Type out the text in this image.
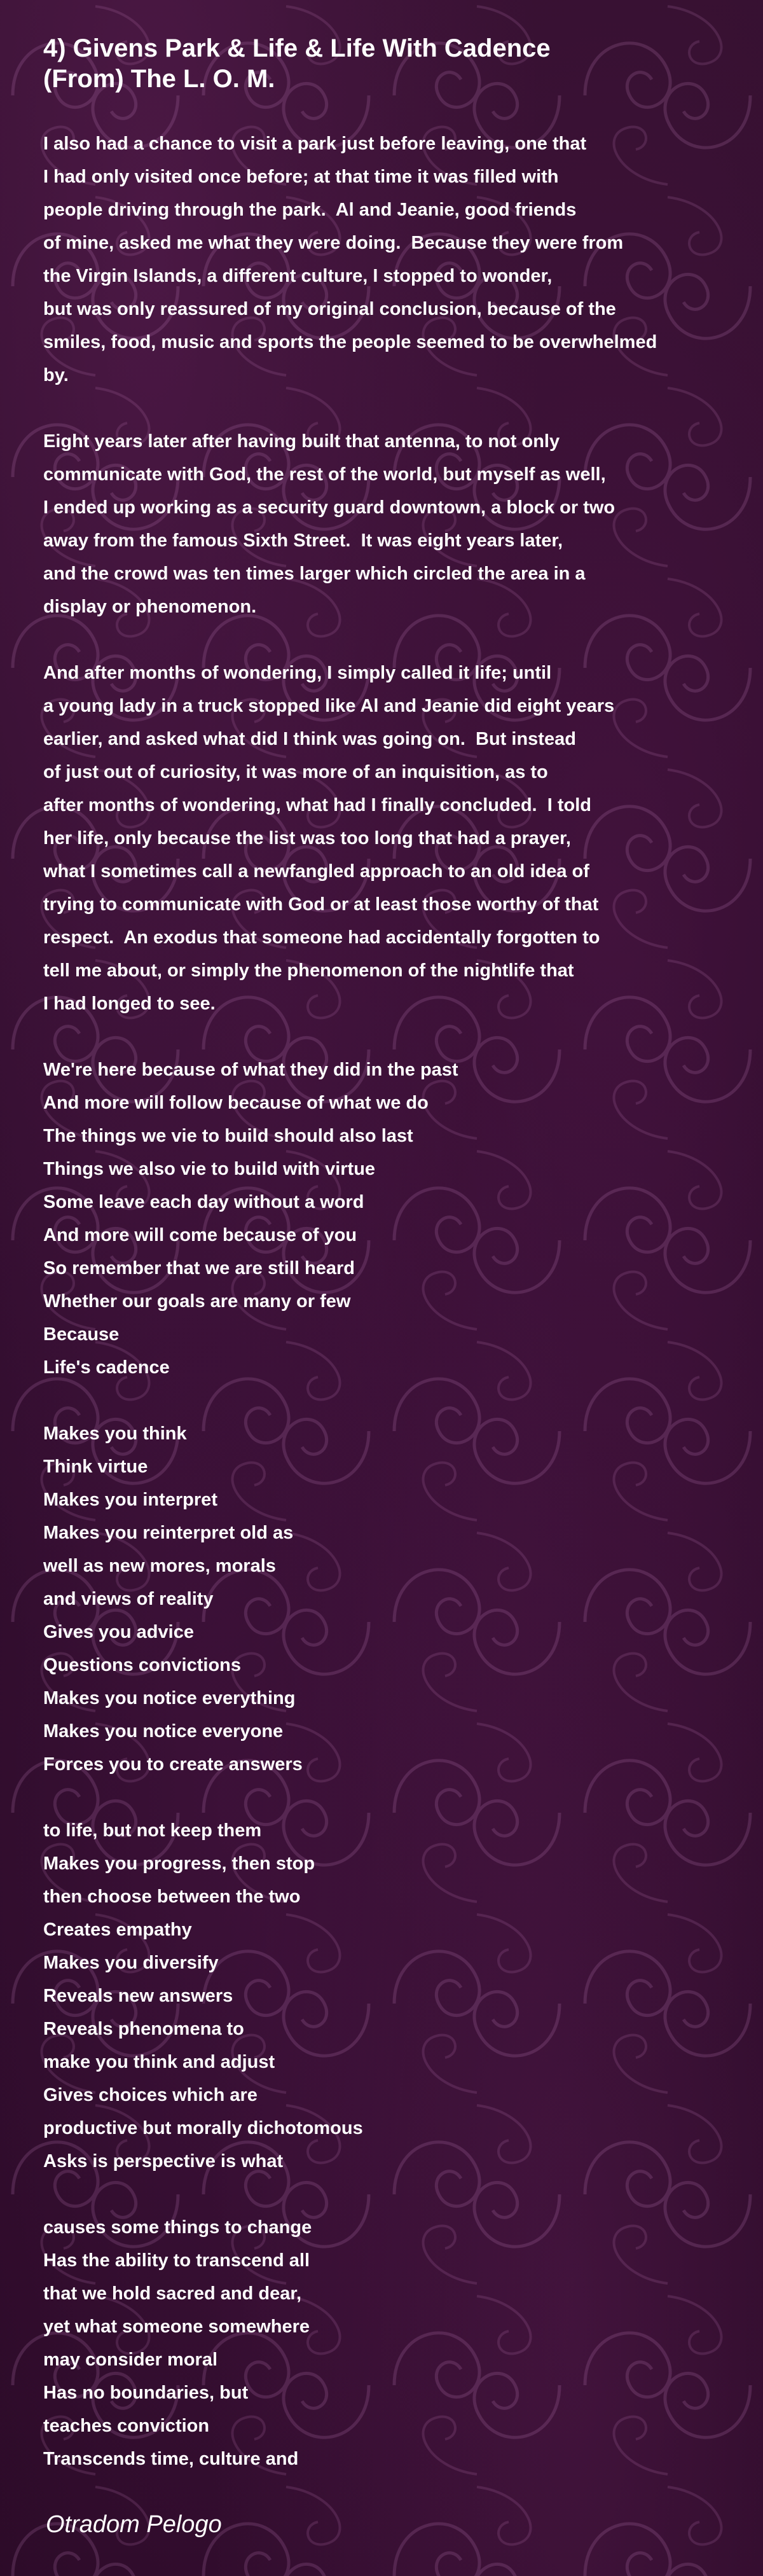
4) Givens Park & Life & Life With Cadence
(From) The L. O. M.
I also had a chance to visit a park just before leaving, one that
I had only visited once before; at that time it was filled with
people driving through the park.  Al and Jeanie, good friends
of mine, asked me what they were doing.  Because they were from
the Virgin Islands, a different culture, I stopped to wonder,
but was only reassured of my original conclusion, because of the
smiles, food, music and sports the people seemed to be overwhelmed
by.
Eight years later after having built that antenna, to not only
communicate with God, the rest of the world, but myself as well,
I ended up working as a security guard downtown, a block or two
away from the famous Sixth Street.  It was eight years later,
and the crowd was ten times larger which circled the area in a
display or phenomenon.
And after months of wondering, I simply called it life; until
a young lady in a truck stopped like Al and Jeanie did eight years
earlier, and asked what did I think was going on.  But instead
of just out of curiosity, it was more of an inquisition, as to
after months of wondering, what had I finally concluded.  I told
her life, only because the list was too long that had a prayer,
what I sometimes call a newfangled approach to an old idea of
trying to communicate with God or at least those worthy of that
respect.  An exodus that someone had accidentally forgotten to
tell me about, or simply the phenomenon of the nightlife that
I had longed to see.
We're here because of what they did in the past
And more will follow because of what we do
The things we vie to build should also last
Things we also vie to build with virtue
Some leave each day without a word
And more will come because of you
So remember that we are still heard
Whether our goals are many or few
Because
Life's cadence
Makes you think
Think virtue
Makes you interpret
Makes you reinterpret old as
well as new mores, morals
and views of reality
Gives you advice
Questions convictions
Makes you notice everything
Makes you notice everyone
Forces you to create answers
to life, but not keep them
Makes you progress, then stop
then choose between the two
Creates empathy
Makes you diversify
Reveals new answers
Reveals phenomena to
make you think and adjust
Gives choices which are
productive but morally dichotomous
Asks is perspective is what
causes some things to change
Has the ability to transcend all
that we hold sacred and dear,
yet what someone somewhere
may consider moral
Has no boundaries, but
teaches conviction
Transcends time, culture and
Otradom Pelogo
